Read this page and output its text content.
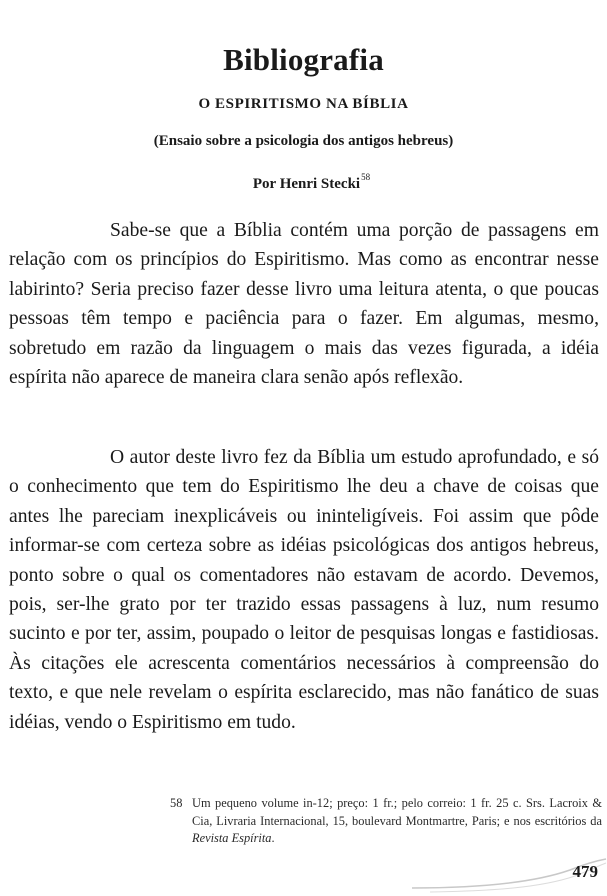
Bibliografia
O ESPIRITISMO NA BÍBLIA
(Ensaio sobre a psicologia dos antigos hebreus)
Por Henri Stecki$^{58}$

Sabe-se que a Bíblia contém uma porção de passagens em relação com os princípios do Espiritismo. Mas como as encontrar nesse labirinto? Seria preciso fazer desse livro uma leitura atenta, o que poucas pessoas têm tempo e paciência para o fazer. Em algumas, mesmo, sobretudo em razão da linguagem o mais das vezes figurada, a idéia espírita não aparece de maneira clara senão após reflexão.

O autor deste livro fez da Bíblia um estudo aprofundado, e só o conhecimento que tem do Espiritismo lhe deu a chave de coisas que antes lhe pareciam inexplicáveis ou ininteligíveis. Foi assim que pôde informar-se com certeza sobre as idéias psicológicas dos antigos hebreus, ponto sobre o qual os comentadores não estavam de acordo. Devemos, pois, ser-lhe grato por ter trazido essas passagens à luz, num resumo sucinto e por ter, assim, poupado o leitor de pesquisas longas e fastidiosas. Às citações ele acrescenta comentários necessários à compreensão do texto, e que nele revelam o espírita esclarecido, mas não fanático de suas idéias, vendo o Espiritismo em tudo.

58 Um pequeno volume in-12; preço: 1 fr.; pelo correio: 1 fr. 25 c. Srs. Lacroix & Cia, Livraria Internacional, 15, boulevard Montmartre, Paris; e nos escritórios da Revista Espírita.
479
